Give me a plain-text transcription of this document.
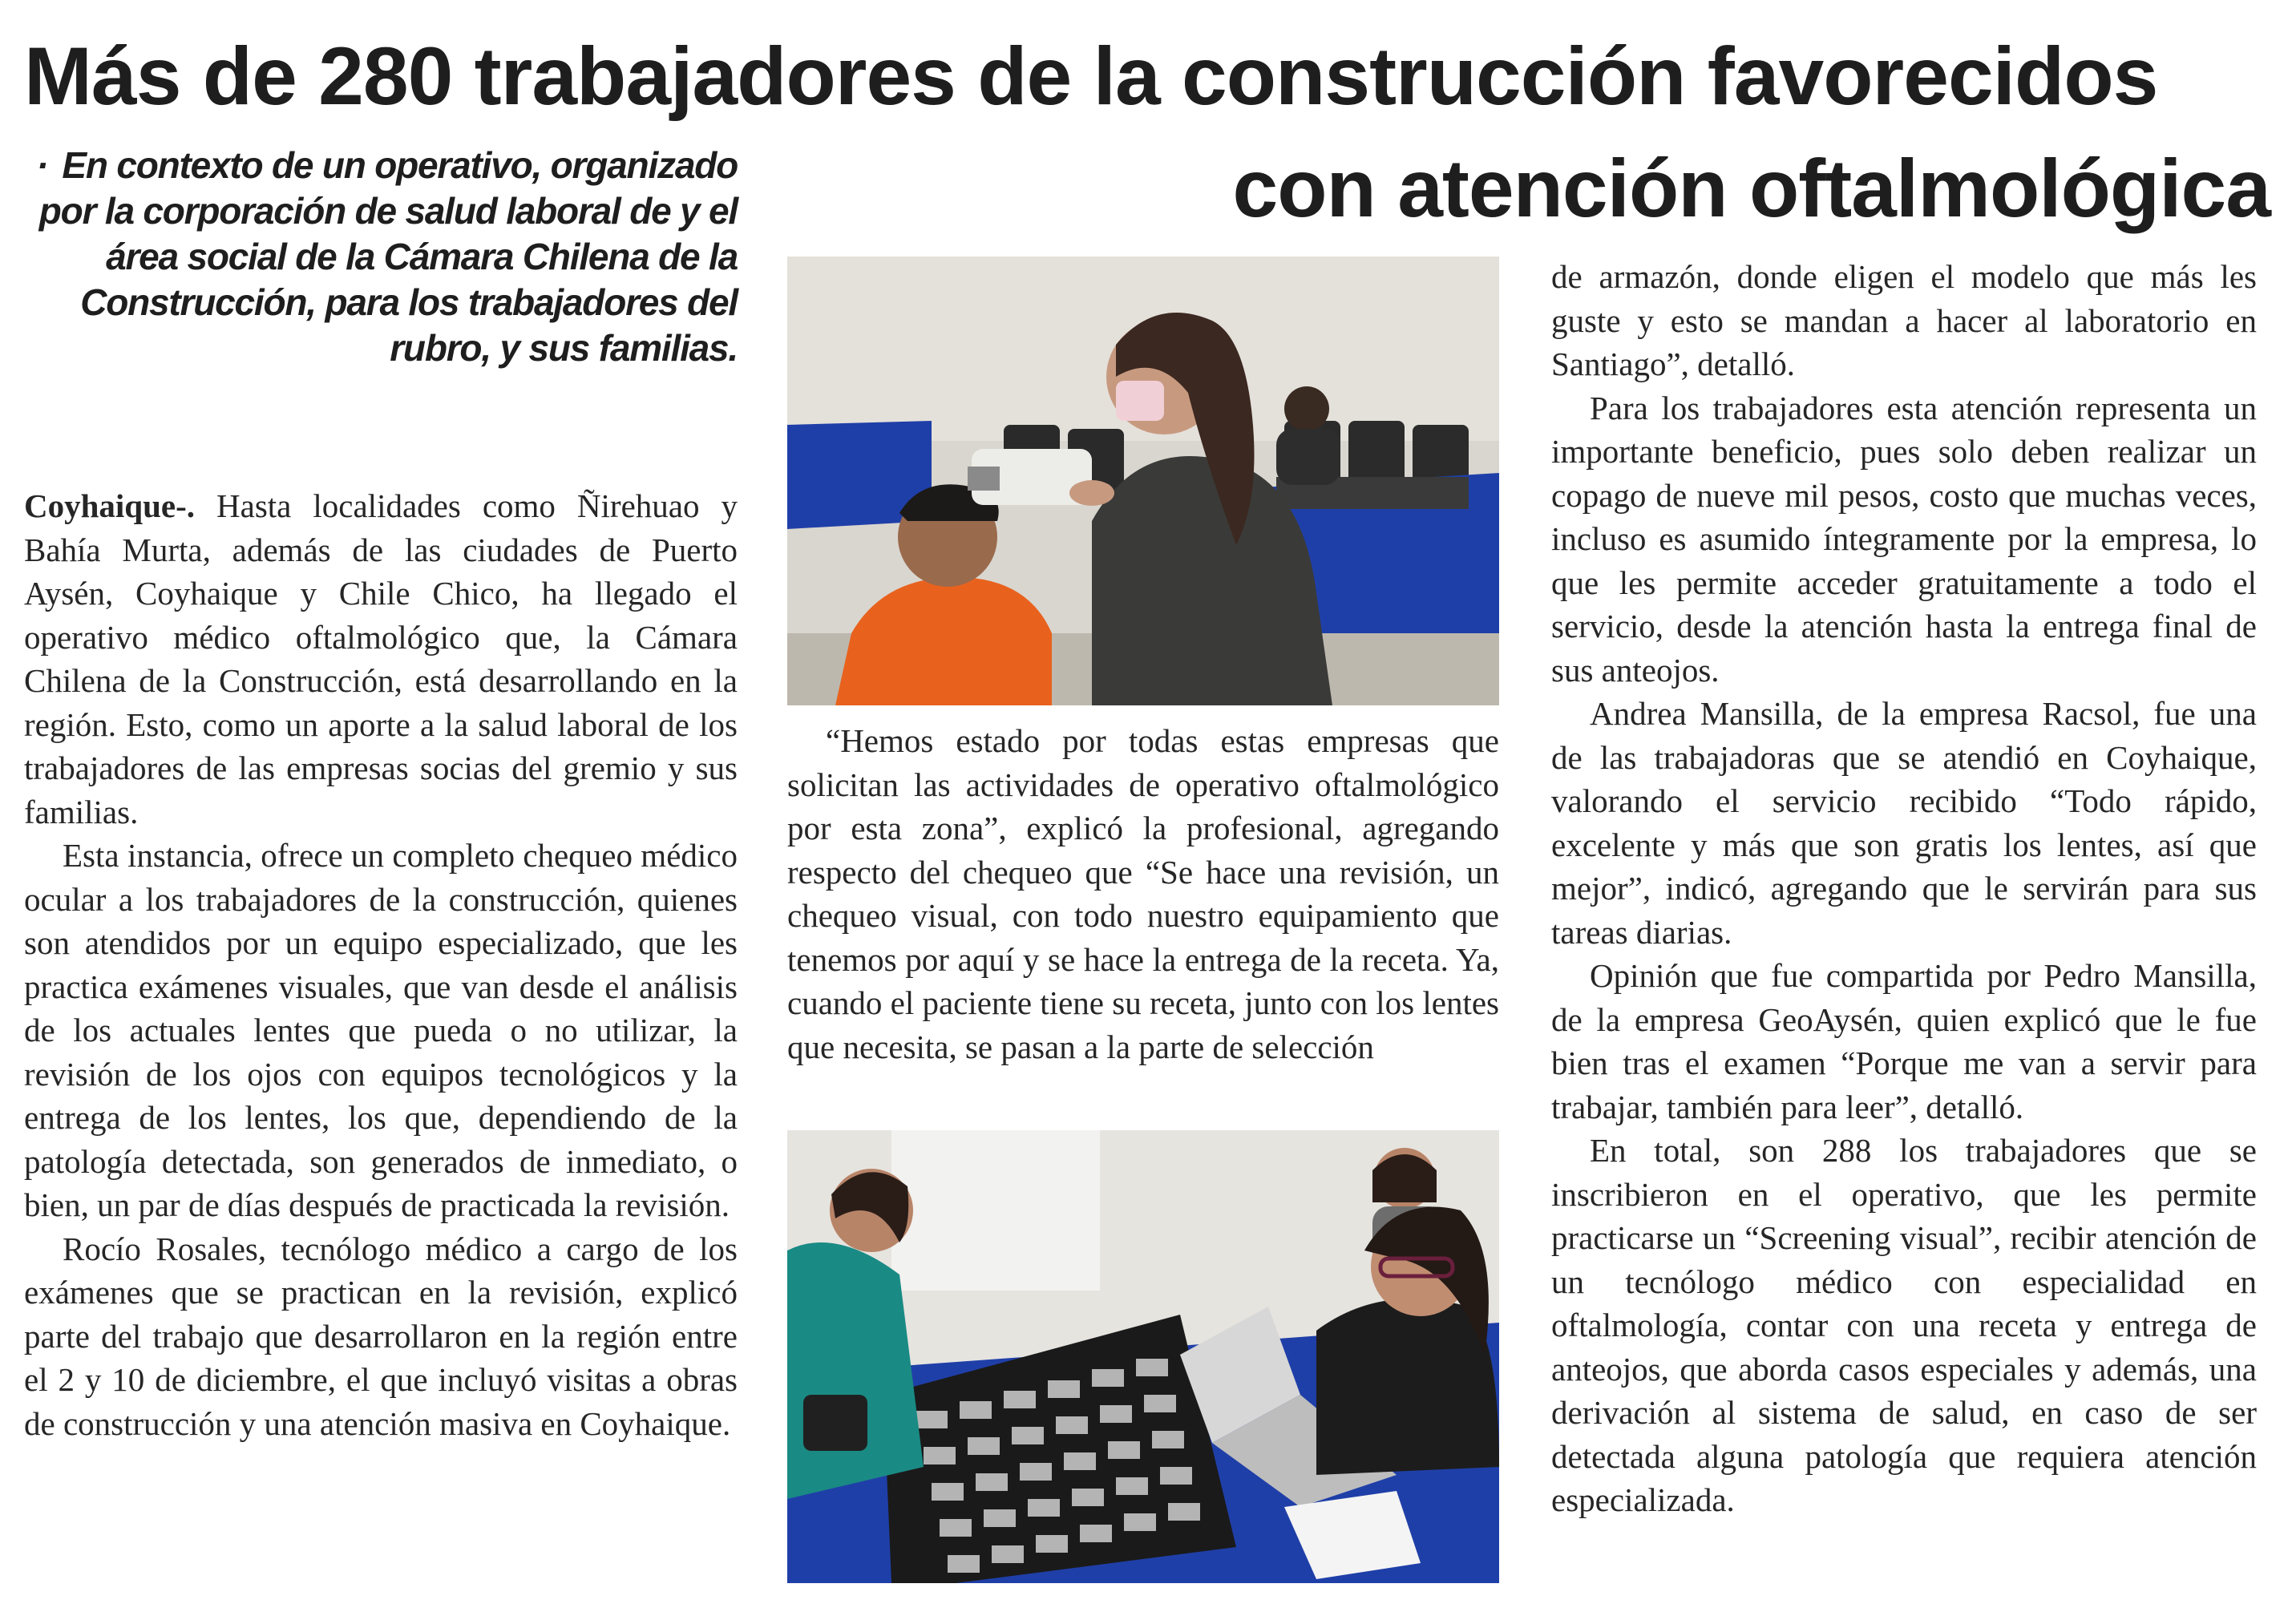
Más de 280 trabajadores de la construcción favorecidos
con atención oftalmológica
· En contexto de un operativo, organizado por la corporación de salud laboral de y el área social de la Cámara Chilena de la Construcción, para los trabajadores del rubro, y sus familias.

Coyhaique-. Hasta localidades como Ñirehuao y Bahía Murta, además de las ciudades de Puerto Aysén, Coyhaique y Chile Chico, ha llegado el operativo médico oftalmológico que, la Cámara Chilena de la Construcción, está desarrollando en la región. Esto, como un aporte a la salud laboral de los trabajadores de las empresas socias del gremio y sus familias.

Esta instancia, ofrece un completo chequeo médico ocular a los trabajadores de la construcción, quienes son atendidos por un equipo especializado, que les practica exámenes visuales, que van desde el análisis de los actuales lentes que pueda o no utilizar, la revisión de los ojos con equipos tecnológicos y la entrega de los lentes, los que, dependiendo de la patología detectada, son generados de inmediato, o bien, un par de días después de practicada la revisión.

Rocío Rosales, tecnólogo médico a cargo de los exámenes que se practican en la revisión, explicó parte del trabajo que desarrollaron en la región entre el 2 y 10 de diciembre, el que incluyó visitas a obras de construcción y una atención masiva en Coyhaique.

“Hemos estado por todas estas empresas que solicitan las actividades de operativo oftalmológico por esta zona”, explicó la profesional, agregando respecto del chequeo que “Se hace una revisión, un chequeo visual, con todo nuestro equipamiento que tenemos por aquí y se hace la entrega de la receta. Ya, cuando el paciente tiene su receta, junto con los lentes que necesita, se pasan a la parte de selección

de armazón, donde eligen el modelo que más les guste y esto se mandan a hacer al laboratorio en Santiago”, detalló.

Para los trabajadores esta atención representa un importante beneficio, pues solo deben realizar un copago de nueve mil pesos, costo que muchas veces, incluso es asumido íntegramente por la empresa, lo que les permite acceder gratuitamente a todo el servicio, desde la atención hasta la entrega final de sus anteojos.

Andrea Mansilla, de la empresa Racsol, fue una de las trabajadoras que se atendió en Coyhaique, valorando el servicio recibido “Todo rápido, excelente y más que son gratis los lentes, así que mejor”, indicó, agregando que le servirán para sus tareas diarias.

Opinión que fue compartida por Pedro Mansilla, de la empresa GeoAysén, quien explicó que le fue bien tras el examen “Porque me van a servir para trabajar, también para leer”, detalló.

En total, son 288 los trabajadores que se inscribieron en el operativo, que les permite practicarse un “Screening visual”, recibir atención de un tecnólogo médico con especialidad en oftalmología, contar con una receta y entrega de anteojos, que aborda casos especiales y además, una derivación al sistema de salud, en caso de ser detectada alguna patología que requiera atención especializada.
